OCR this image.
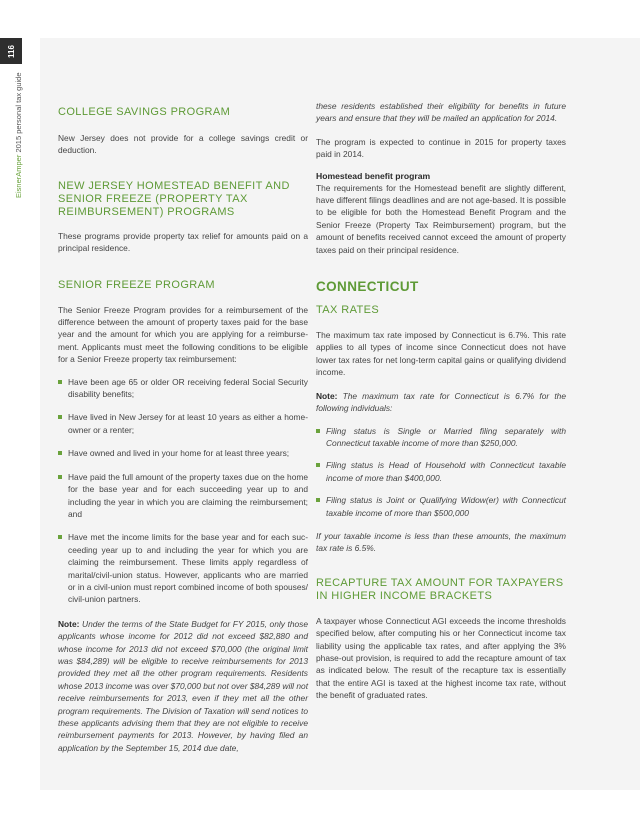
116
EisnerAmper 2015 personal tax guide	COLLEGE SAVINGS PROGRAM
New Jersey does not provide for a college savings credit or deduction.
NEW JERSEY HOMESTEAD BENEFIT AND SENIOR FREEZE (PROPERTY TAX REIMBURSEMENT) PROGRAMS
These programs provide property tax relief for amounts paid on a principal residence.
SENIOR FREEZE PROGRAM
The Senior Freeze Program provides for a reimbursement of the difference between the amount of property taxes paid for the base year and the amount for which you are applying for a reimbursement. Applicants must meet the following conditions to be eligible for a Senior Freeze property tax reimbursement:
Have been age 65 or older OR receiving federal Social Security disability benefits;
Have lived in New Jersey for at least 10 years as either a homeowner or a renter;
Have owned and lived in your home for at least three years;
Have paid the full amount of the property taxes due on the home for the base year and for each succeeding year up to and including the year in which you are claiming the reimbursement; and
Have met the income limits for the base year and for each succeeding year up to and including the year for which you are claiming the reimbursement. These limits apply regardless of marital/civil-union status. However, applicants who are married or in a civil-union must report combined income of both spouses/ civil-union partners.
Note: Under the terms of the State Budget for FY 2015, only those applicants whose income for 2012 did not exceed $82,880 and whose income for 2013 did not exceed $70,000 (the original limit was $84,289) will be eligible to receive reimbursements for 2013 provided they met all the other program requirements. Residents whose 2013 income was over $70,000 but not over $84,289 will not receive reimbursements for 2013, even if they met all the other program requirements. The Division of Taxation will send notices to these applicants advising them that they are not eligible to receive reimbursement payments for 2013. However, by having filed an application by the September 15, 2014 due date,
these residents established their eligibility for benefits in future years and ensure that they will be mailed an application for 2014.
The program is expected to continue in 2015 for property taxes paid in 2014.
Homestead benefit program
The requirements for the Homestead benefit are slightly different, have different filings deadlines and are not age-based. It is possible to be eligible for both the Homestead Benefit Program and the Senior Freeze (Property Tax Reimbursement) program, but the amount of benefits received cannot exceed the amount of property taxes paid on their principal residence.
CONNECTICUT
TAX RATES
The maximum tax rate imposed by Connecticut is 6.7%. This rate applies to all types of income since Connecticut does not have lower tax rates for net long-term capital gains or qualifying dividend income.
Note: The maximum tax rate for Connecticut is 6.7% for the following individuals:
Filing status is Single or Married filing separately with Connecticut taxable income of more than $250,000.
Filing status is Head of Household with Connecticut taxable income of more than $400,000.
Filing status is Joint or Qualifying Widow(er) with Connecticut taxable income of more than $500,000
If your taxable income is less than these amounts, the maximum tax rate is 6.5%.
RECAPTURE TAX AMOUNT FOR TAXPAYERS IN HIGHER INCOME BRACKETS
A taxpayer whose Connecticut AGI exceeds the income thresholds specified below, after computing his or her Connecticut income tax liability using the applicable tax rates, and after applying the 3% phase-out provision, is required to add the recapture amount of tax as indicated below. The result of the recapture tax is essentially that the entire AGI is taxed at the highest income tax rate, without the benefit of graduated rates.
